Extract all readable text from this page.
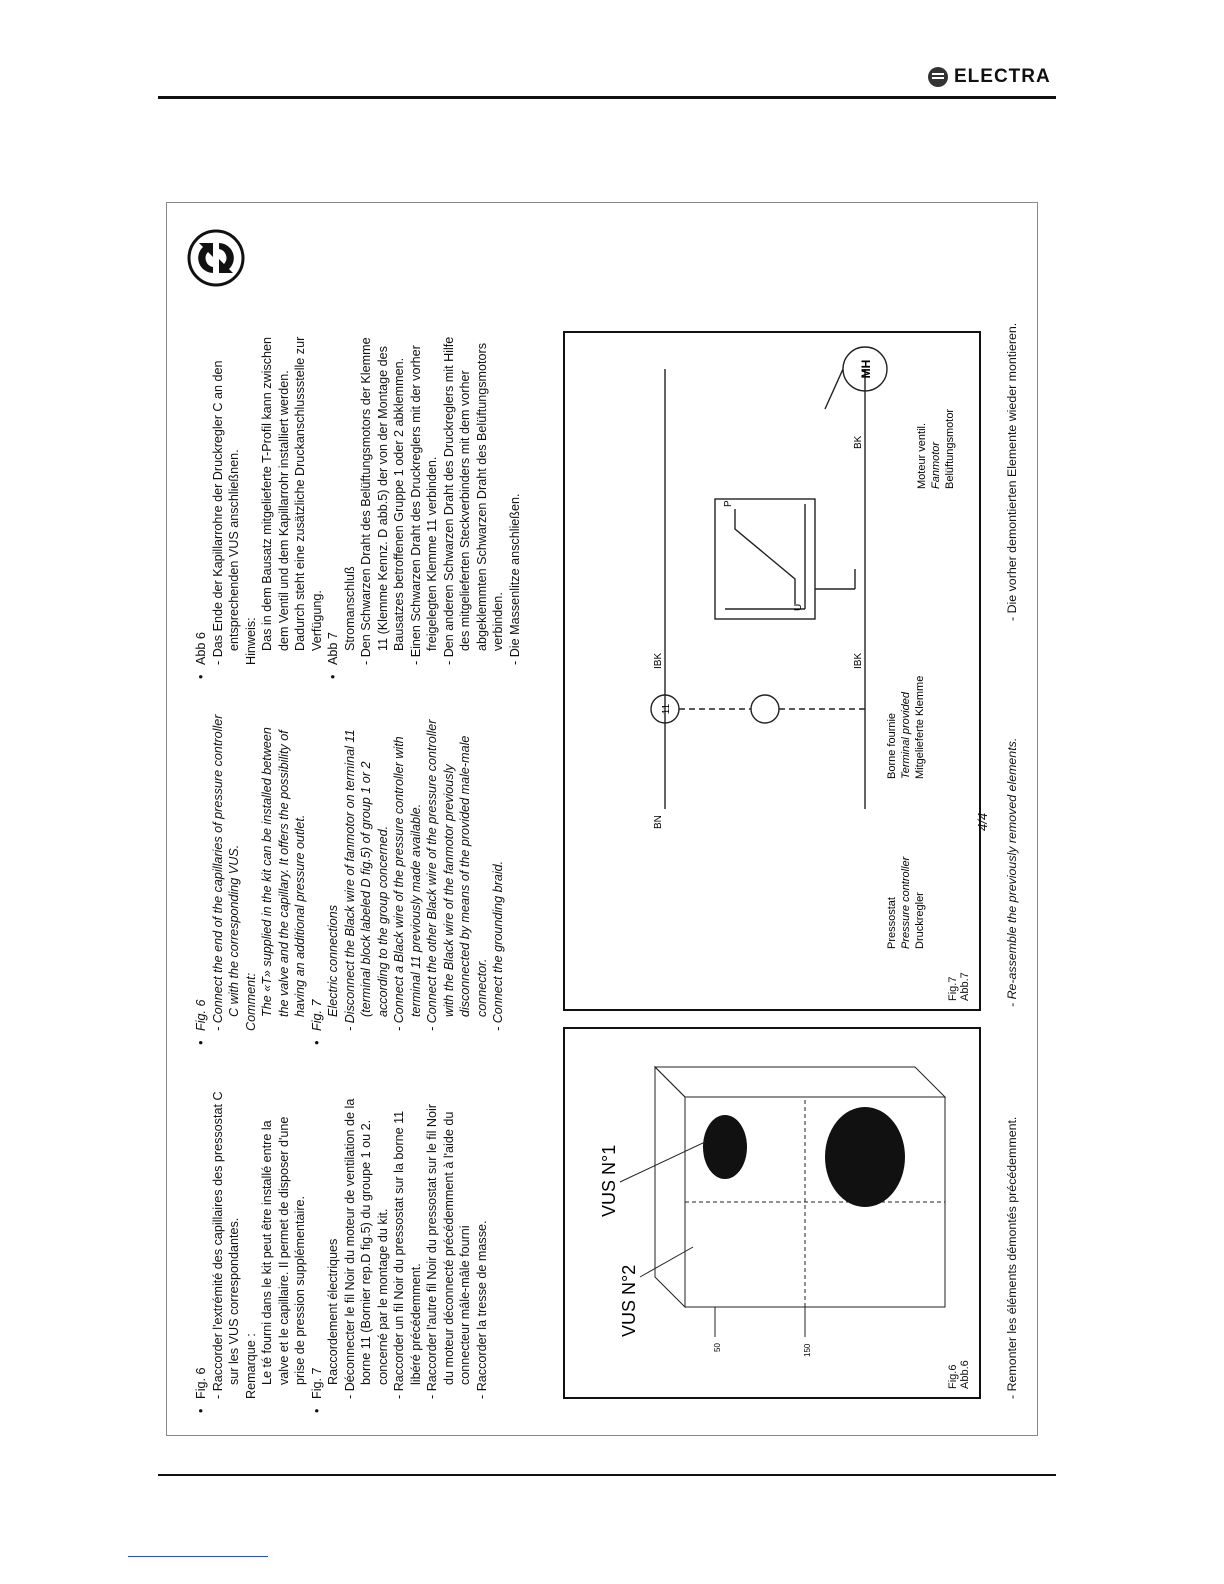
ELECTRA

• Fig. 6 - Raccorder l'extrémité des capillaires des pressostat C sur les VUS correspondantes. Remarque : Le té fourni dans le kit peut être installé entre la valve et le capillaire. Il permet de disposer d'une prise de pression supplémentaire. • Fig. 7 Raccordement électriques - Déconnecter le fil Noir du moteur de ventilation de la borne 11 (Bornier rep.D fig.5) du groupe 1 ou 2. concerné par le montage du kit. - Raccorder un fil Noir du pressostat sur la borne 11 libéré précédemment. - Raccorder l'autre fil Noir du pressostat sur le fil Noir du moteur déconnecté précédemment à l'aide du connecteur mâle-mâle fourni - Raccorder la tresse de masse.

• Fig. 6 - Connect the end of the capillaries of pressure controller C with the corresponding VUS. Comment: The «T» supplied in the kit can be installed between the valve and the capillary. It offers the possibility of having an additional pressure outlet. • Fig. 7 Electric connections - Disconnect the Black wire of fanmotor on terminal 11 (terminal block labeled D fig.5) of group 1 or 2 according to the group concerned. - Connect a Black wire of the pressure controller with terminal 11 previously made available. - Connect the other Black wire of the pressure controller with the Black wire of the fanmotor previously disconnected by means of the provided male-male connector. - Connect the grounding braid.

• Abb 6 - Das Ende der Kapillarrohre der Druckregler C an den entsprechenden VUS anschließnen. Hinweis: Das in dem Bausatz mitgelieferte T-Profil kann zwischen dem Ventil und dem Kapillarrohr installiert werden. Dadurch steht eine zusätzliche Druckanschlussstelle zur Verfügung. • Abb 7 Stromanschluß - Den Schwarzen Draht des Belüftungsmotors der Klemme 11 (Klemme Kennz. D abb.5) der von der Montage des Bausatzes betroffenen Gruppe 1 oder 2 abklemmen. - Einen Schwarzen Draht des Druckreglers mit der vorher freigelegten Klemme 11 verbinden. - Den anderen Schwarzen Draht des Druckreglers mit Hilfe des mitgelieferten Steckverbinders mit dem vorher abgeklemmten Schwarzen Draht des Belüftungsmotors verbinden. - Die Massenlitze anschließen.

VUS N°1
VUS N°2
50	150
Fig.6 Abb.6
11
MH
BN
BK
IBK	IBK
U
P
Pressostat Pressure controller Druckregler
Borne fournie Terminal provided Mitgelieferte Klemme
Moteur ventil. Fanmotor Belüftungsmotor
Fig.7 Abb.7
4/4
- Remonter les éléments démontés précédemment.
- Re-assemble the previously removed elements.
- Die vorher demontierten Elemente wieder montieren.
